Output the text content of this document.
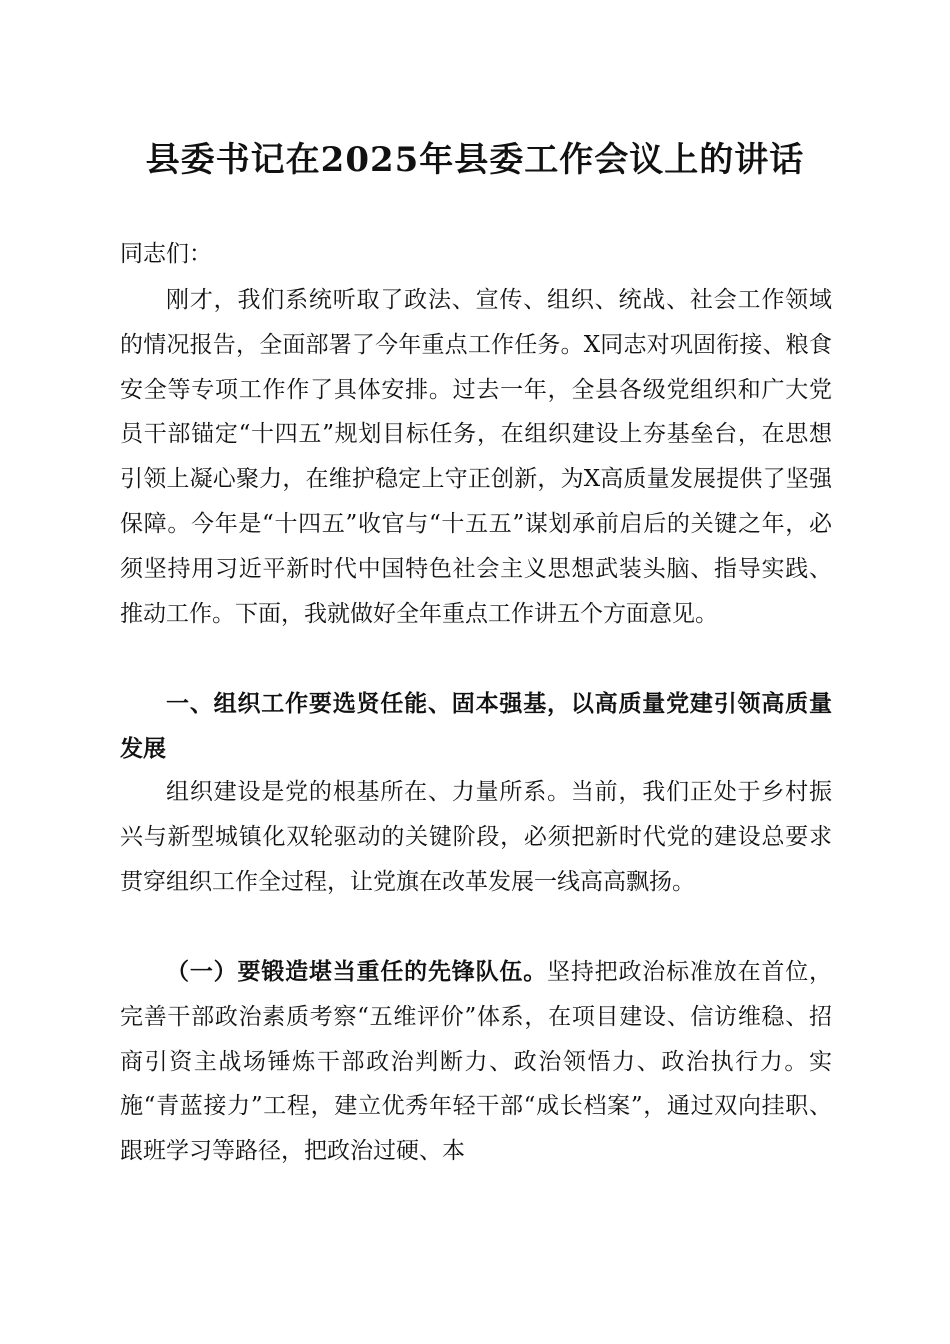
县委书记在2025年县委工作会议上的讲话

同志们：

刚才，我们系统听取了政法、宣传、组织、统战、社会工作领域的情况报告，全面部署了今年重点工作任务。X同志对巩固衔接、粮食安全等专项工作作了具体安排。过去一年，全县各级党组织和广大党员干部锚定“十四五”规划目标任务，在组织建设上夯基垒台，在思想引领上凝心聚力，在维护稳定上守正创新，为X高质量发展提供了坚强保障。今年是“十四五”收官与“十五五”谋划承前启后的关键之年，必须坚持用习近平新时代中国特色社会主义思想武装头脑、指导实践、推动工作。下面，我就做好全年重点工作讲五个方面意见。

一、组织工作要选贤任能、固本强基，以高质量党建引领高质量发展

组织建设是党的根基所在、力量所系。当前，我们正处于乡村振兴与新型城镇化双轮驱动的关键阶段，必须把新时代党的建设总要求贯穿组织工作全过程，让党旗在改革发展一线高高飘扬。

（一）要锻造堪当重任的先锋队伍。坚持把政治标准放在首位，完善干部政治素质考察“五维评价”体系，在项目建设、信访维稳、招商引资主战场锤炼干部政治判断力、政治领悟力、政治执行力。实施“青蓝接力”工程，建立优秀年轻干部“成长档案”，通过双向挂职、跟班学习等路径，把政治过硬、本
